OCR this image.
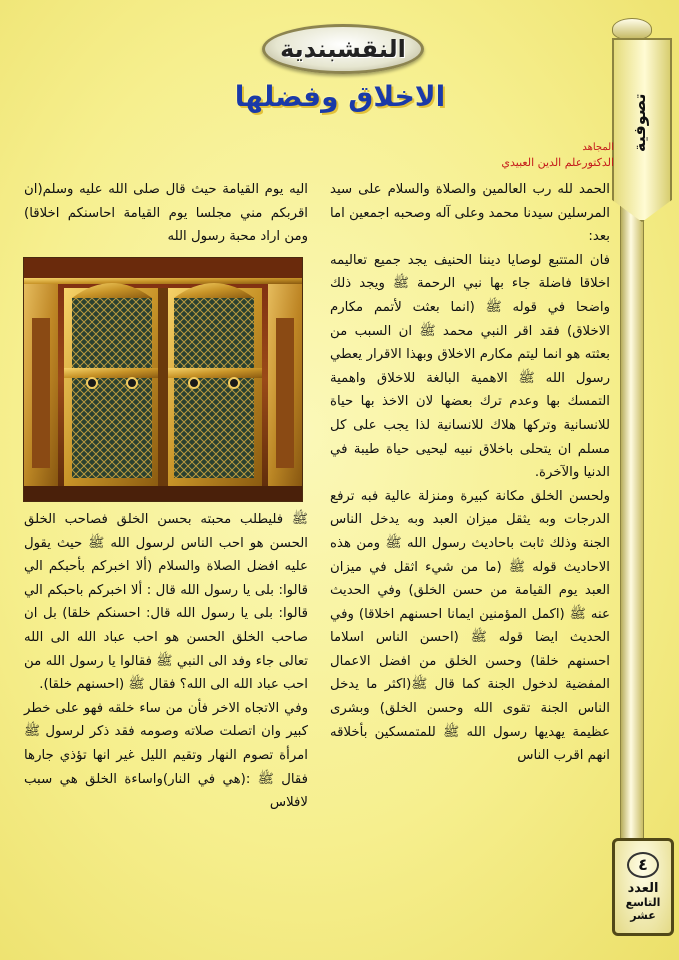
النقشبندية
الاخلاق وفضلها	تصوفية
٤
العدد
التاسع
عشر
المجاهد
الدكتورعلم الدين العبيدي

الحمد لله رب العالمين والصلاة والسلام على سيد المرسلين سيدنا محمد وعلى آله وصحبه اجمعين اما بعد:

فان المتتبع لوصايا ديننا الحنيف يجد جميع تعاليمه اخلاقا فاضلة جاء بها نبي الرحمة ﷺ ويجد ذلك واضحا في قوله ﷺ (انما بعثت لأتمم مكارم الاخلاق) فقد اقر النبي محمد ﷺ ان السبب من بعثته هو انما ليتم مكارم الاخلاق وبهذا الاقرار يعطي رسول الله ﷺ الاهمية البالغة للاخلاق واهمية التمسك بها وعدم ترك بعضها لان الاخذ بها حياة للانسانية وتركها هلاك للانسانية لذا يجب على كل مسلم ان يتحلى باخلاق نبيه ليحيى حياة طيبة في الدنيا والآخرة.

ولحسن الخلق مكانة كبيرة ومنزلة عالية فبه ترفع الدرجات وبه يثقل ميزان العبد وبه يدخل الناس الجنة وذلك ثابت باحاديث رسول الله ﷺ ومن هذه الاحاديث قوله ﷺ (ما من شيء اثقل في ميزان العبد يوم القيامة من حسن الخلق) وفي الحديث عنه ﷺ (اكمل المؤمنين ايمانا احسنهم اخلاقا) وفي الحديث ايضا قوله ﷺ (احسن الناس اسلاما احسنهم خلقا) وحسن الخلق من افضل الاعمال المفضية لدخول الجنة كما قال ﷺ(اكثر ما يدخل الناس الجنة تقوى الله وحسن الخلق) وبشرى عظيمة يهديها رسول الله ﷺ للمتمسكين بأخلاقه انهم اقرب الناس

اليه يوم القيامة حيث قال صلى الله عليه وسلم(ان اقربكم مني مجلسا يوم القيامة احاسنكم اخلاقا) ومن اراد محبة رسول الله

ﷺ فليطلب محبته بحسن الخلق فصاحب الخلق الحسن هو احب الناس لرسول الله ﷺ حيث يقول عليه افضل الصلاة والسلام (ألا اخبركم بأحبكم الي قالوا: بلى يا رسول الله قال : ألا اخبركم باحبكم الي قالوا: بلى يا رسول الله قال: احسنكم خلقا) بل ان صاحب الخلق الحسن هو احب عباد الله الى الله تعالى جاء وفد الى النبي ﷺ فقالوا يا رسول الله من احب عباد الله الى الله؟ فقال ﷺ (احسنهم خلقا).

وفي الاتجاه الاخر فأن من ساء خلقه فهو على خطر كبير وان اتصلت صلاته وصومه فقد ذكر لرسول ﷺ امرأة تصوم النهار وتقيم الليل غير انها تؤذي جارها فقال ﷺ :(هي في النار)واساءة الخلق هي سبب لافلاس
